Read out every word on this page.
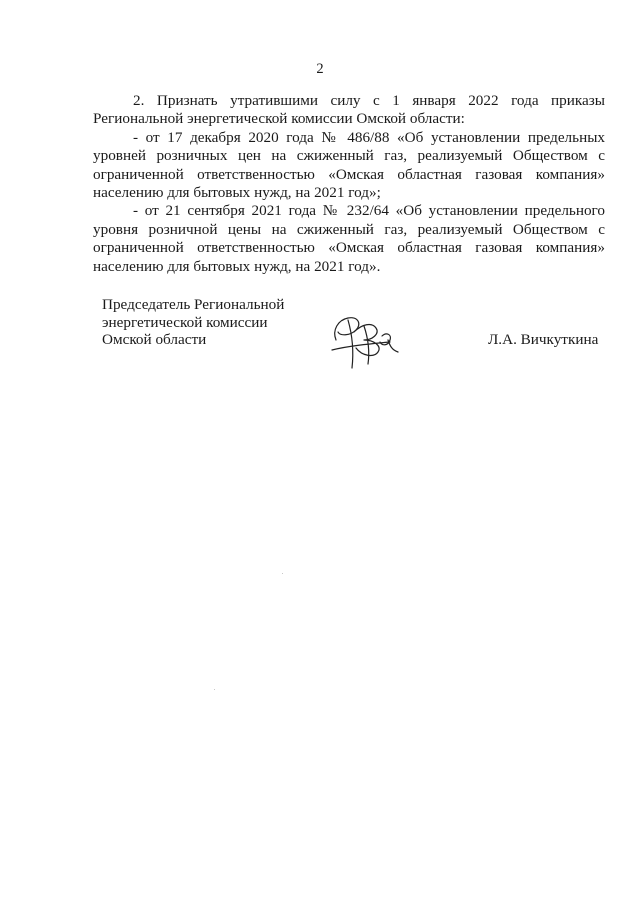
2

2. Признать утратившими силу с 1 января 2022 года приказы Региональной энергетической комиссии Омской области:

- от 17 декабря 2020 года № 486/88 «Об установлении предельных уровней розничных цен на сжиженный газ, реализуемый Обществом с ограниченной ответственностью «Омская областная газовая компания» населению для бытовых нужд, на 2021 год»;

- от 21 сентября 2021 года № 232/64 «Об установлении предельного уровня розничной цены на сжиженный газ, реализуемый Обществом с ограниченной ответственностью «Омская областная газовая компания» населению для бытовых нужд, на 2021 год».

Председатель Региональной
энергетической комиссии
Омской области	Л.А. Вичкуткина
